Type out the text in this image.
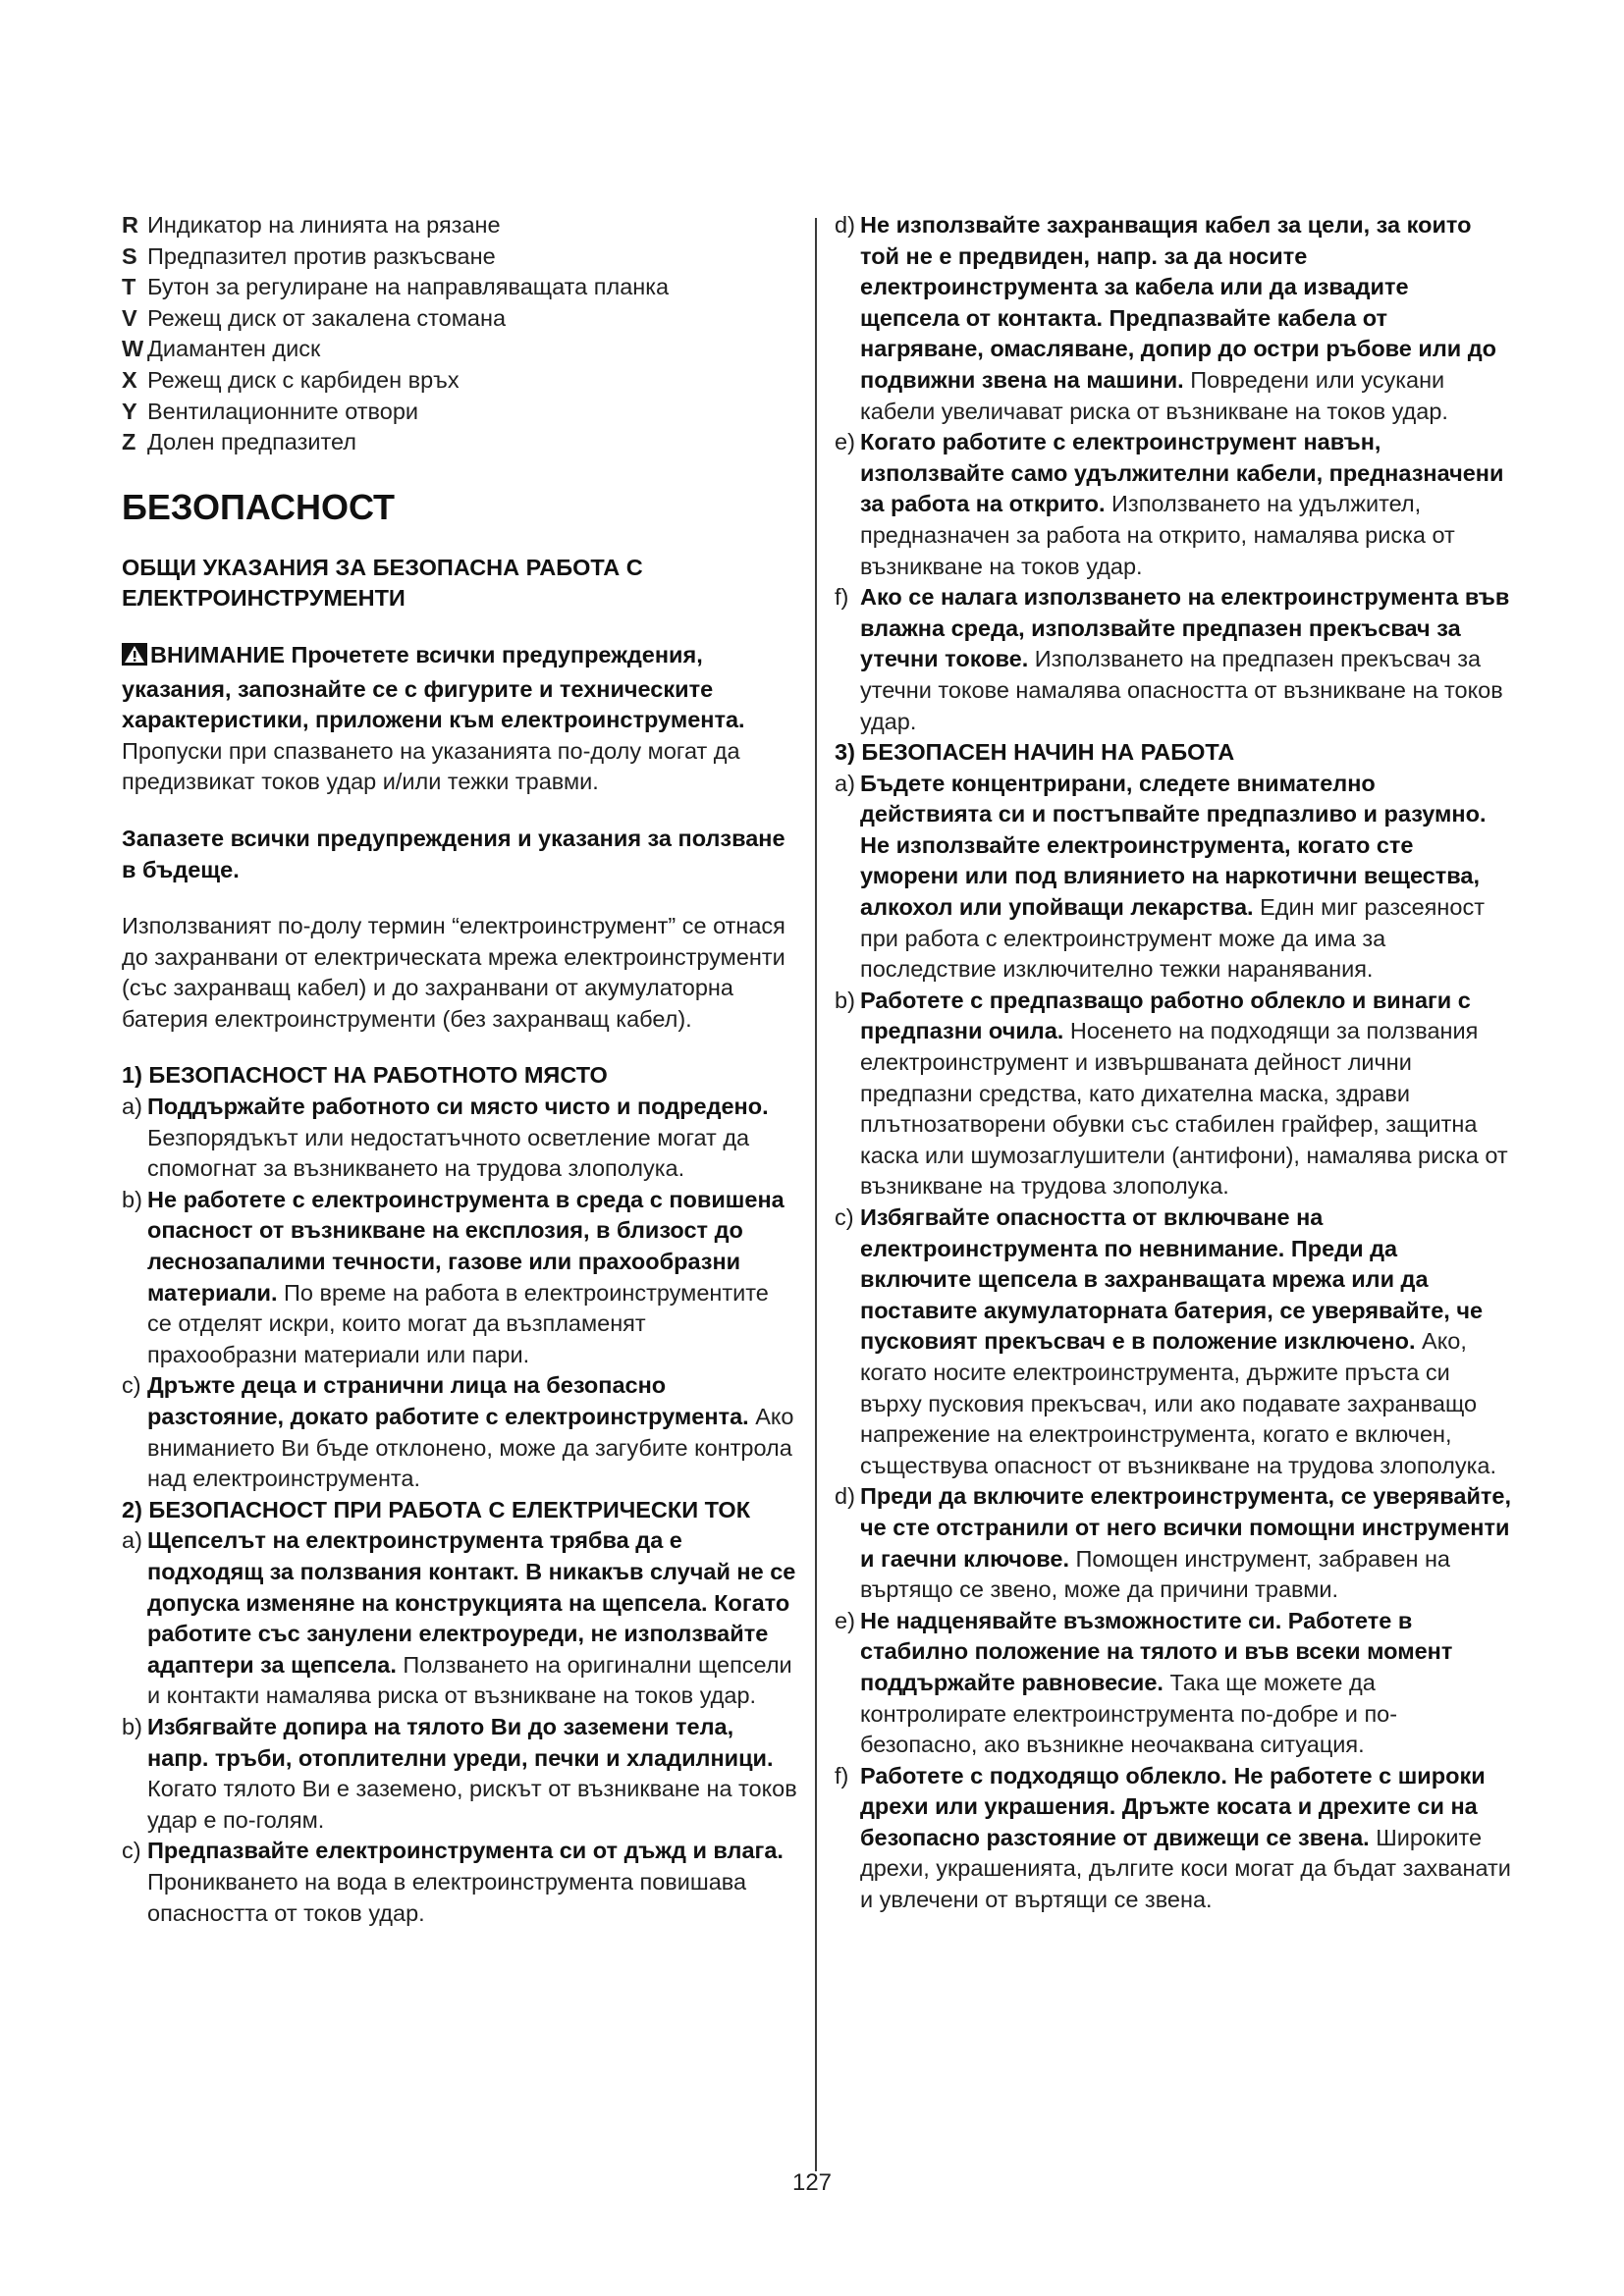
R Индикатор на линията на рязане
S Предпазител против разкъсване
T Бутон за регулиране на направляващата планка
V Режещ диск от закалена стомана
W Диамантен диск
X Режещ диск с карбиден връх
Y Вентилационните отвори
Z Долен предпазител
БЕЗОПАСНОСТ

ОБЩИ УКАЗАНИЯ ЗА БЕЗОПАСНА РАБОТА С

ЕЛЕКТРОИНСТРУМЕНТИ

ВНИМАНИЕ Прочетете всички предупреждения, указания, запознайте се с фигурите и техническите характеристики, приложени към електроинструмента. Пропуски при спазването на указанията по-долу могат да предизвикат токов удар и/или тежки травми.

Запазете всички предупреждения и указания за ползване в бъдеще.

Използваният по-долу термин “електроинструмент” се отнася до захранвани от електрическата мрежа електроинструменти (със захранващ кабел) и до захранвани от акумулаторна батерия електроинструменти (без захранващ кабел).

1) БЕЗОПАСНОСТ НА РАБОТНОТО МЯСТО

a) Поддържайте работното си място чисто и подредено. Безпорядъкът или недостатъчното осветление могат да спомогнат за възникването на трудова злополука.
b) Не работете с електроинструмента в среда с повишена опасност от възникване на експлозия, в близост до леснозапалими течности, газове или прахообразни материали. По време на работа в електроинструментите се отделят искри, които могат да възпламенят прахообразни материали или пари.
c) Дръжте деца и странични лица на безопасно разстояние, докато работите с електроинструмента. Ако вниманието Ви бъде отклонено, може да загубите контрола над електроинструмента.

2) БЕЗОПАСНОСТ ПРИ РАБОТА С ЕЛЕКТРИЧЕСКИ ТОК

a) Щепселът на електроинструмента трябва да е подходящ за ползвания контакт. В никакъв случай не се допуска изменяне на конструкцията на щепсела. Когато работите със занулени електроуреди, не използвайте адаптери за щепсела. Ползването на оригинални щепсели и контакти намалява риска от възникване на токов удар.
b) Избягвайте допира на тялото Ви до заземени тела, напр. тръби, отоплителни уреди, печки и хладилници. Когато тялото Ви е заземено, рискът от възникване на токов удар е по-голям.
c) Предпазвайте електроинструмента си от дъжд и влага. Проникването на вода в електроинструмента повишава опасността от токов удар.
d) Не използвайте захранващия кабел за цели, за които той не е предвиден, напр. за да носите електроинструмента за кабела или да извадите щепсела от контакта. Предпазвайте кабела от нагряване, омасляване, допир до остри ръбове или до подвижни звена на машини. Повредени или усукани кабели увеличават риска от възникване на токов удар.
e) Когато работите с електроинструмент навън, използвайте само удължителни кабели, предназначени за работа на открито. Използването на удължител, предназначен за работа на открито, намалява риска от възникване на токов удар.
f) Ако се налага използването на електроинструмента във влажна среда, използвайте предпазен прекъсвач за утечни токове. Използването на предпазен прекъсвач за утечни токове намалява опасността от възникване на токов удар.

3) БЕЗОПАСЕН НАЧИН НА РАБОТА

a) Бъдете концентрирани, следете внимателно действията си и постъпвайте предпазливо и разумно. Не използвайте електроинструмента, когато сте уморени или под влиянието на наркотични вещества, алкохол или упойващи лекарства. Един миг разсеяност при работа с електроинструмент може да има за последствие изключително тежки наранявания.
b) Работете с предпазващо работно облекло и винаги с предпазни очила. Носенето на подходящи за ползвания електроинструмент и извършваната дейност лични предпазни средства, като дихателна маска, здрави плътнозатворени обувки със стабилен грайфер, защитна каска или шумозаглушители (антифони), намалява риска от възникване на трудова злополука.
c) Избягвайте опасността от включване на електроинструмента по невнимание. Преди да включите щепсела в захранващата мрежа или да поставите акумулаторната батерия, се уверявайте, че пусковият прекъсвач е в положение изключено. Ако, когато носите електроинструмента, държите пръста си върху пусковия прекъсвач, или ако подавате захранващо напрежение на електроинструмента, когато е включен, съществува опасност от възникване на трудова злополука.
d) Преди да включите електроинструмента, се уверявайте, че сте отстранили от него всички помощни инструменти и гаечни ключове. Помощен инструмент, забравен на въртящо се звено, може да причини травми.
e) Не надценявайте възможностите си. Работете в стабилно положение на тялото и във всеки момент поддържайте равновесие. Така ще можете да контролирате електроинструмента по-добре и по-безопасно, ако възникне неочаквана ситуация.
f) Работете с подходящо облекло. Не работете с широки дрехи или украшения. Дръжте косата и дрехите си на безопасно разстояние от движещи се звена. Широките дрехи, украшенията, дългите коси могат да бъдат захванати и увлечени от въртящи се звена.
127
